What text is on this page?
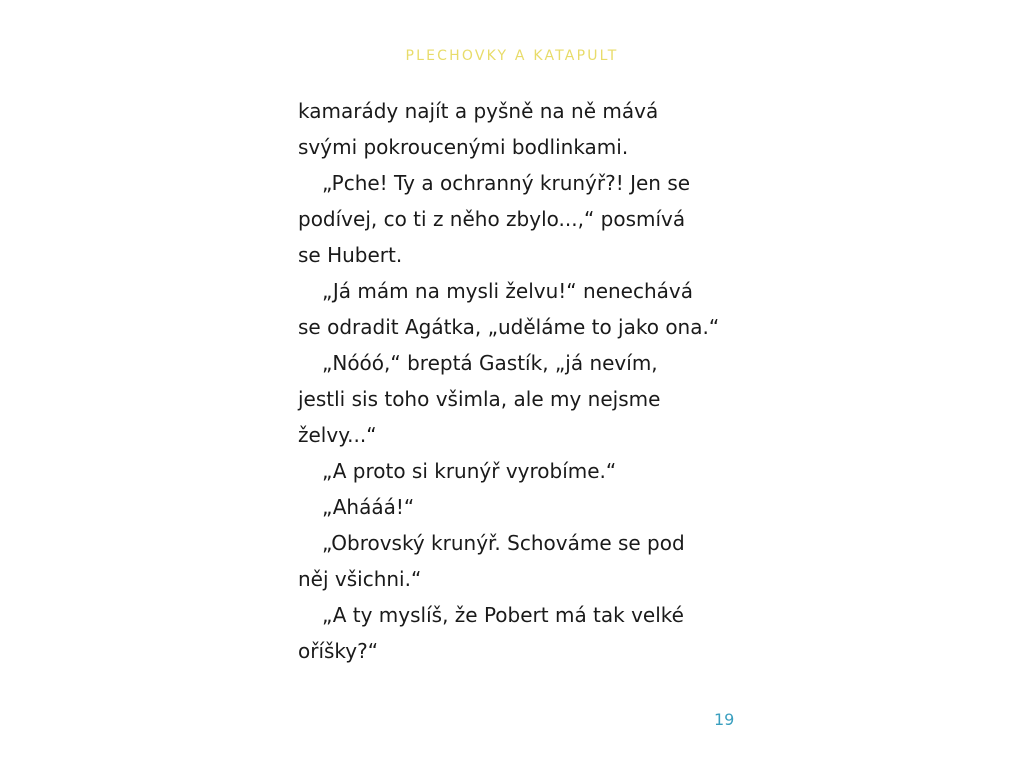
PLECHOVKY A KATAPULT
kamarády najít a pyšně na ně mává
svými pokroucenými bodlinkami.
„Pche! Ty a ochranný krunýř?! Jen se
podívej, co ti z něho zbylo...,“ posmívá
se Hubert.
„Já mám na mysli želvu!“ nenechává
se odradit Agátka, „uděláme to jako ona.“
„Nóóó,“ breptá Gastík, „já nevím,
jestli sis toho všimla, ale my nejsme
želvy...“
„A proto si krunýř vyrobíme.“
„Ahááá!“
„Obrovský krunýř. Schováme se pod
něj všichni.“
„A ty myslíš, že Pobert má tak velké
oříšky?“
19
